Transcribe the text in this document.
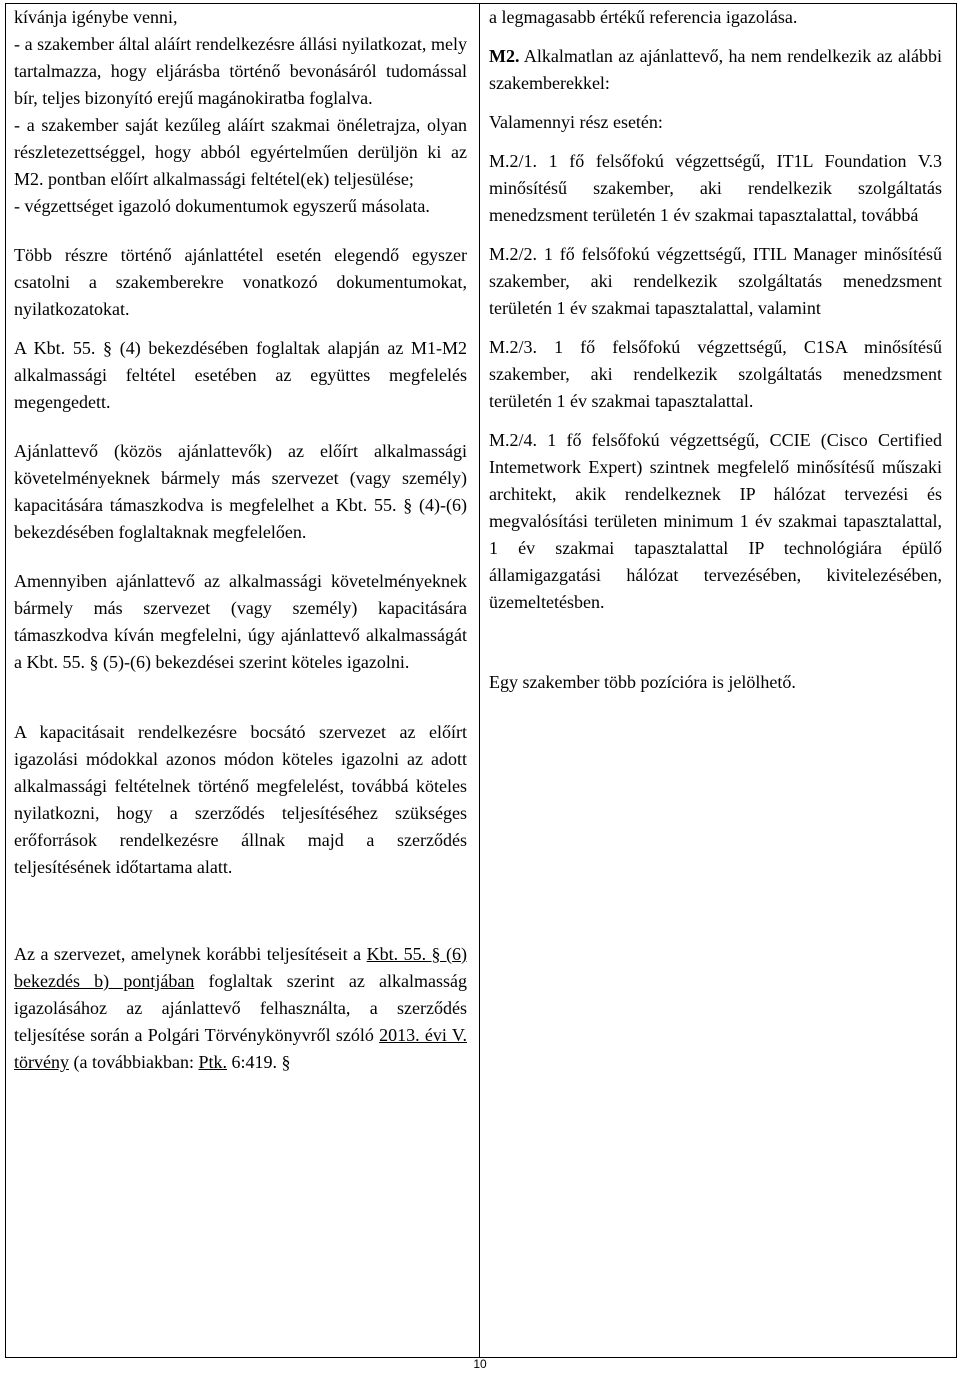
kívánja igénybe venni,
- a szakember által aláírt rendelkezésre állási nyilatkozat, mely tartalmazza, hogy eljárásba történő bevonásáról tudomással bír, teljes bizonyító erejű magánokiratba foglalva.
- a szakember saját kezűleg aláírt szakmai önéletrajza, olyan részletezettséggel, hogy abból egyértelműen derüljön ki az M2. pontban előírt alkalmassági feltétel(ek) teljesülése;
- végzettséget igazoló dokumentumok egyszerű másolata.

Több részre történő ajánlattétel esetén elegendő egyszer csatolni a szakemberekre vonatkozó dokumentumokat, nyilatkozatokat.

A Kbt. 55. § (4) bekezdésében foglaltak alapján az M1-M2 alkalmassági feltétel esetében az együttes megfelelés megengedett.

Ajánlattevő (közös ajánlattevők) az előírt alkalmassági követelményeknek bármely más szervezet (vagy személy) kapacitására támaszkodva is megfelelhet a Kbt. 55. § (4)-(6) bekezdésében foglaltaknak megfelelően.

Amennyiben ajánlattevő az alkalmassági követelményeknek bármely más szervezet (vagy személy) kapacitására támaszkodva kíván megfelelni, úgy ajánlattevő alkalmasságát a Kbt. 55. § (5)-(6) bekezdései szerint köteles igazolni.

A kapacitásait rendelkezésre bocsátó szervezet az előírt igazolási módokkal azonos módon köteles igazolni az adott alkalmassági feltételnek történő megfelelést, továbbá köteles nyilatkozni, hogy a szerződés teljesítéséhez szükséges erőforrások rendelkezésre állnak majd a szerződés teljesítésének időtartama alatt.

Az a szervezet, amelynek korábbi teljesítéseit a Kbt. 55. § (6) bekezdés b) pontjában foglaltak szerint az alkalmasság igazolásához az ajánlattevő felhasználta, a szerződés teljesítése során a Polgári Törvénykönyvről szóló 2013. évi V. törvény (a továbbiakban: Ptk. 6:419. §

a legmagasabb értékű referencia igazolása.

M2. Alkalmatlan az ajánlattevő, ha nem rendelkezik az alábbi szakemberekkel:

Valamennyi rész esetén:

M.2/1. 1 fő felsőfokú végzettségű, IT1L Foundation V.3 minősítésű szakember, aki rendelkezik szolgáltatás menedzsment területén 1 év szakmai tapasztalattal, továbbá

M.2/2. 1 fő felsőfokú végzettségű, ITIL Manager minősítésű szakember, aki rendelkezik szolgáltatás menedzsment területén 1 év szakmai tapasztalattal, valamint

M.2/3. 1 fő felsőfokú végzettségű, C1SA minősítésű szakember, aki rendelkezik szolgáltatás menedzsment területén 1 év szakmai tapasztalattal.

M.2/4. 1 fő felsőfokú végzettségű, CCIE (Cisco Certified Intemetwork Expert) szintnek megfelelő minősítésű műszaki architekt, akik rendelkeznek IP hálózat tervezési és megvalósítási területen minimum 1 év szakmai tapasztalattal, 1 év szakmai tapasztalattal IP technológiára épülő államigazgatási hálózat tervezésében, kivitelezésében, üzemeltetésben.

Egy szakember több pozícióra is jelölhető.

10
